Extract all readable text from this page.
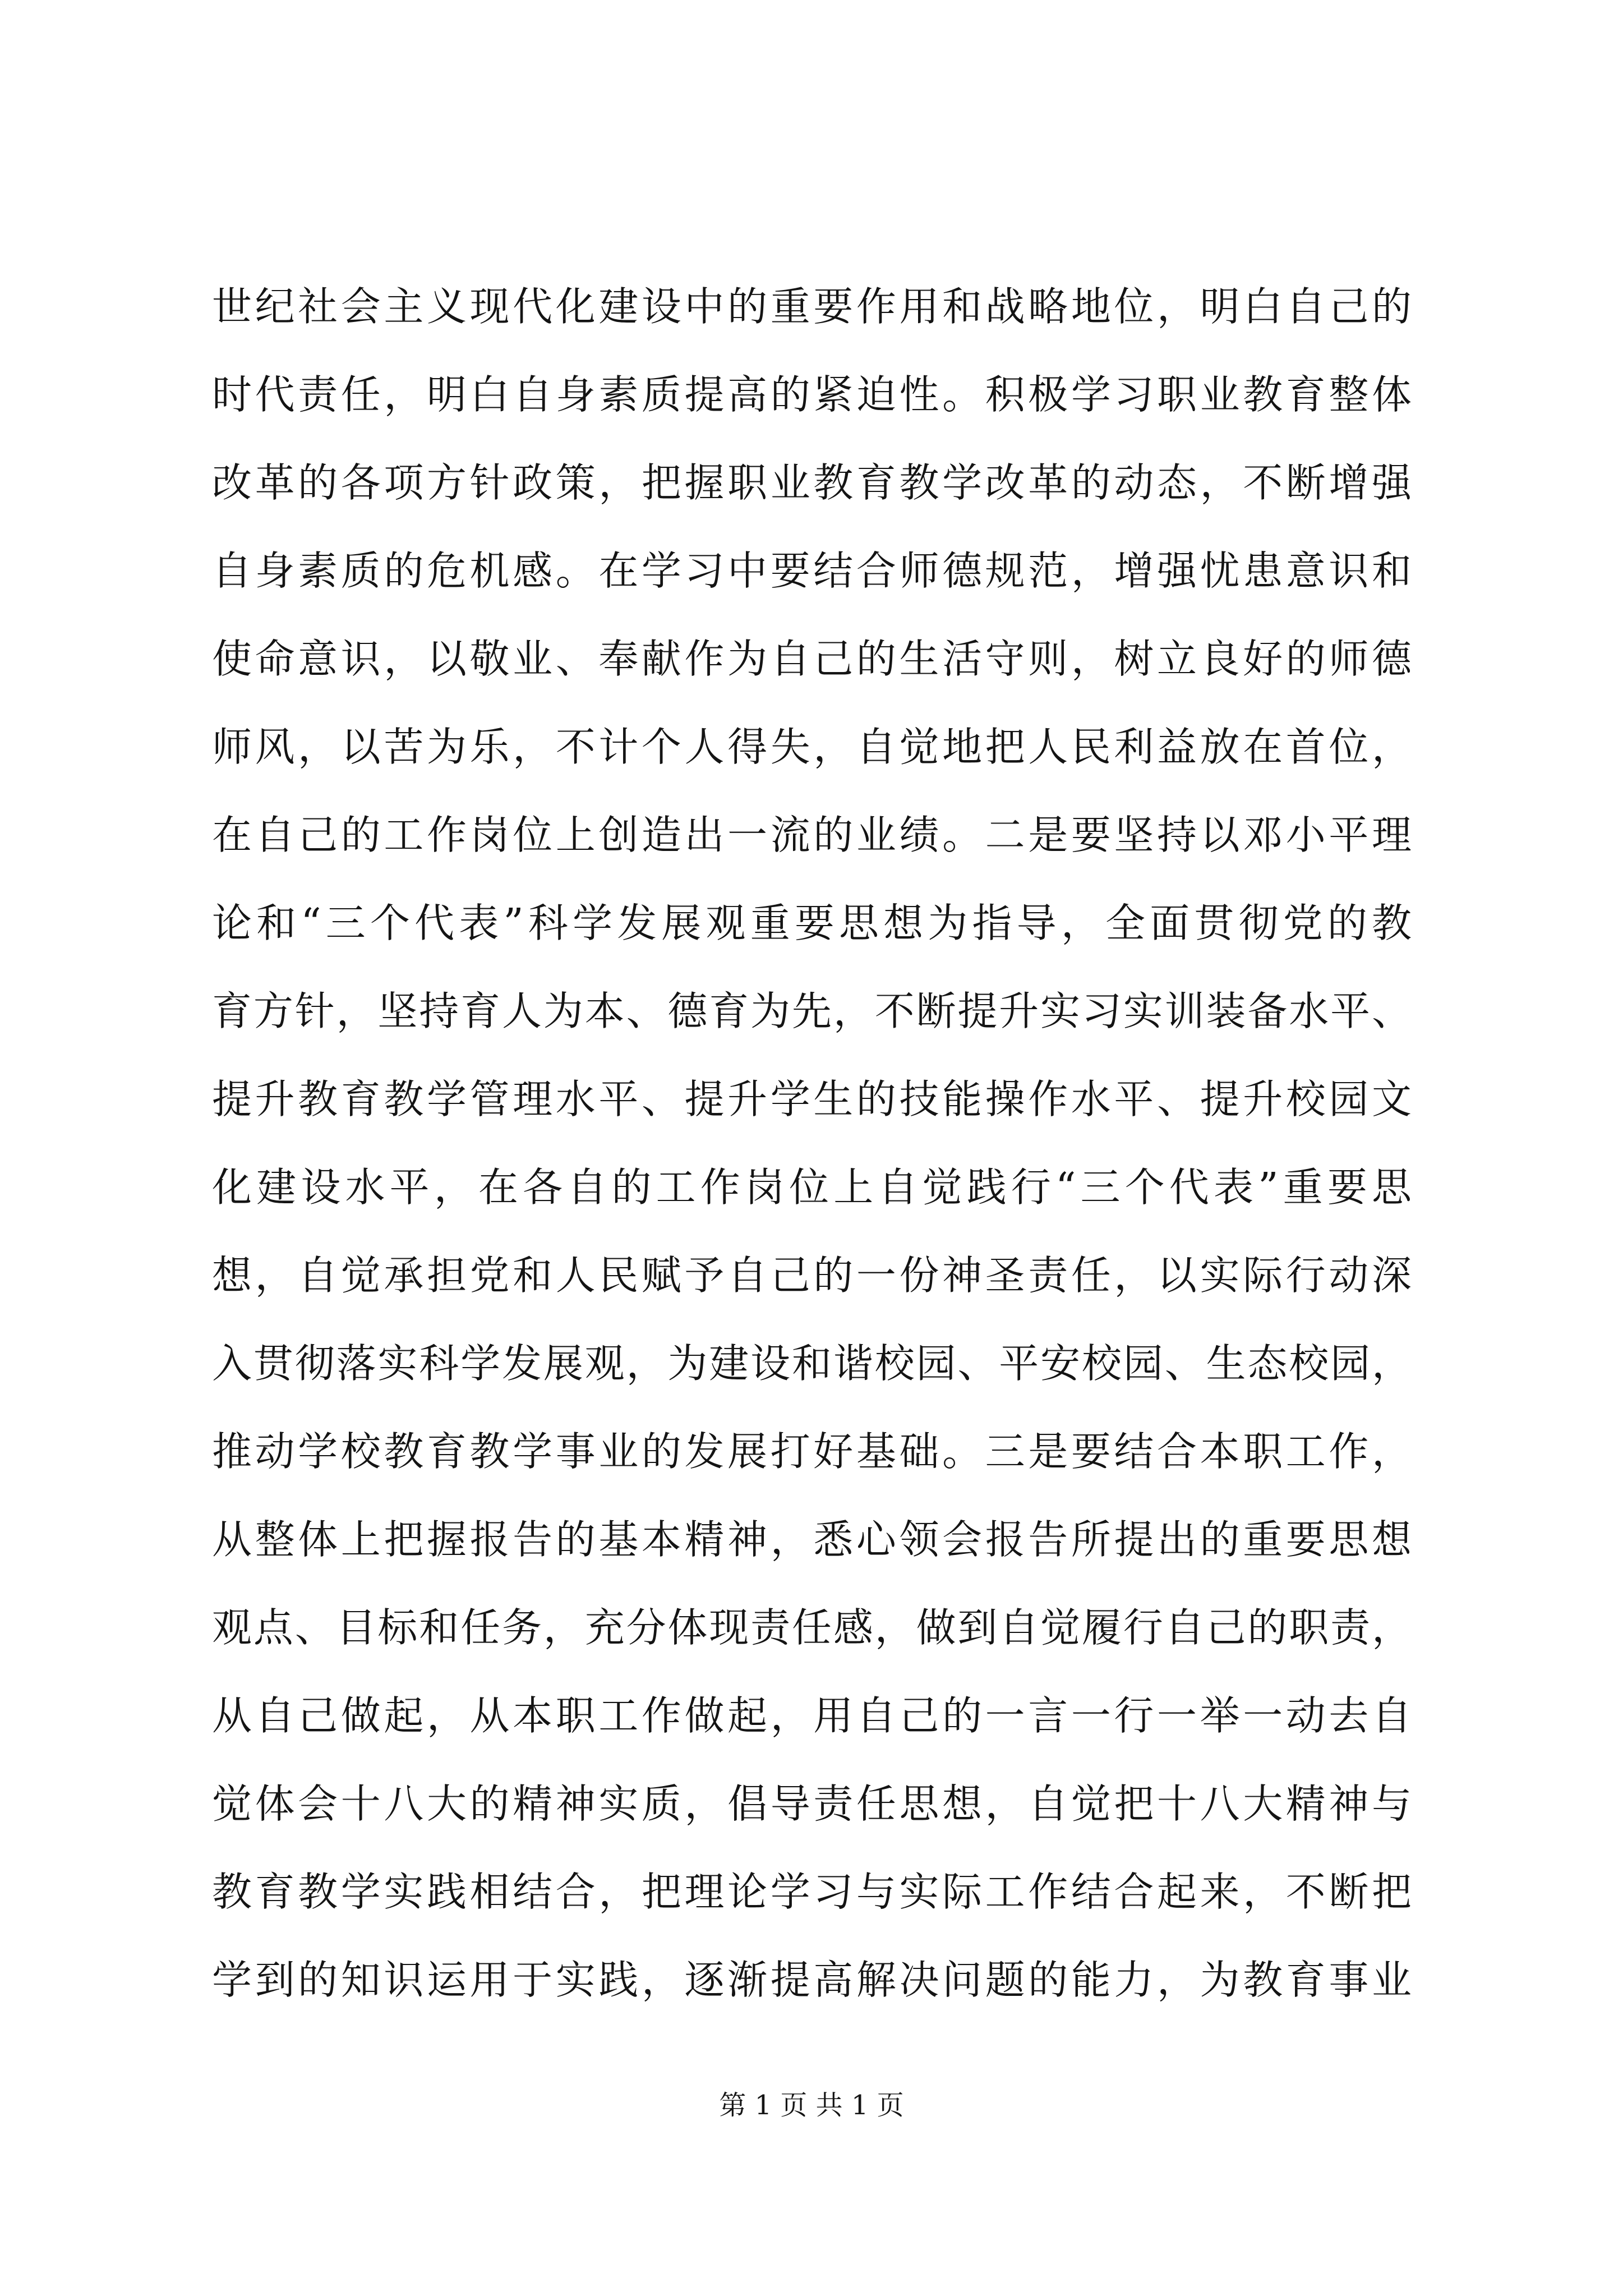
世纪社会主义现代化建设中的重要作用和战略地位，明白自己的
时代责任，明白自身素质提高的紧迫性。积极学习职业教育整体
改革的各项方针政策，把握职业教育教学改革的动态，不断增强
自身素质的危机感。在学习中要结合师德规范，增强忧患意识和
使命意识，以敬业、奉献作为自己的生活守则，树立良好的师德
师风，以苦为乐，不计个人得失，自觉地把人民利益放在首位，
在自己的工作岗位上创造出一流的业绩。二是要坚持以邓小平理
论和“三个代表”科学发展观重要思想为指导，全面贯彻党的教
育方针，坚持育人为本、德育为先，不断提升实习实训装备水平、
提升教育教学管理水平、提升学生的技能操作水平、提升校园文
化建设水平，在各自的工作岗位上自觉践行“三个代表”重要思
想，自觉承担党和人民赋予自己的一份神圣责任，以实际行动深
入贯彻落实科学发展观，为建设和谐校园、平安校园、生态校园，
推动学校教育教学事业的发展打好基础。三是要结合本职工作，
从整体上把握报告的基本精神，悉心领会报告所提出的重要思想
观点、目标和任务，充分体现责任感，做到自觉履行自己的职责，
从自己做起，从本职工作做起，用自己的一言一行一举一动去自
觉体会十八大的精神实质，倡导责任思想，自觉把十八大精神与
教育教学实践相结合，把理论学习与实际工作结合起来，不断把
学到的知识运用于实践，逐渐提高解决问题的能力，为教育事业
第 1 页 共 1 页
